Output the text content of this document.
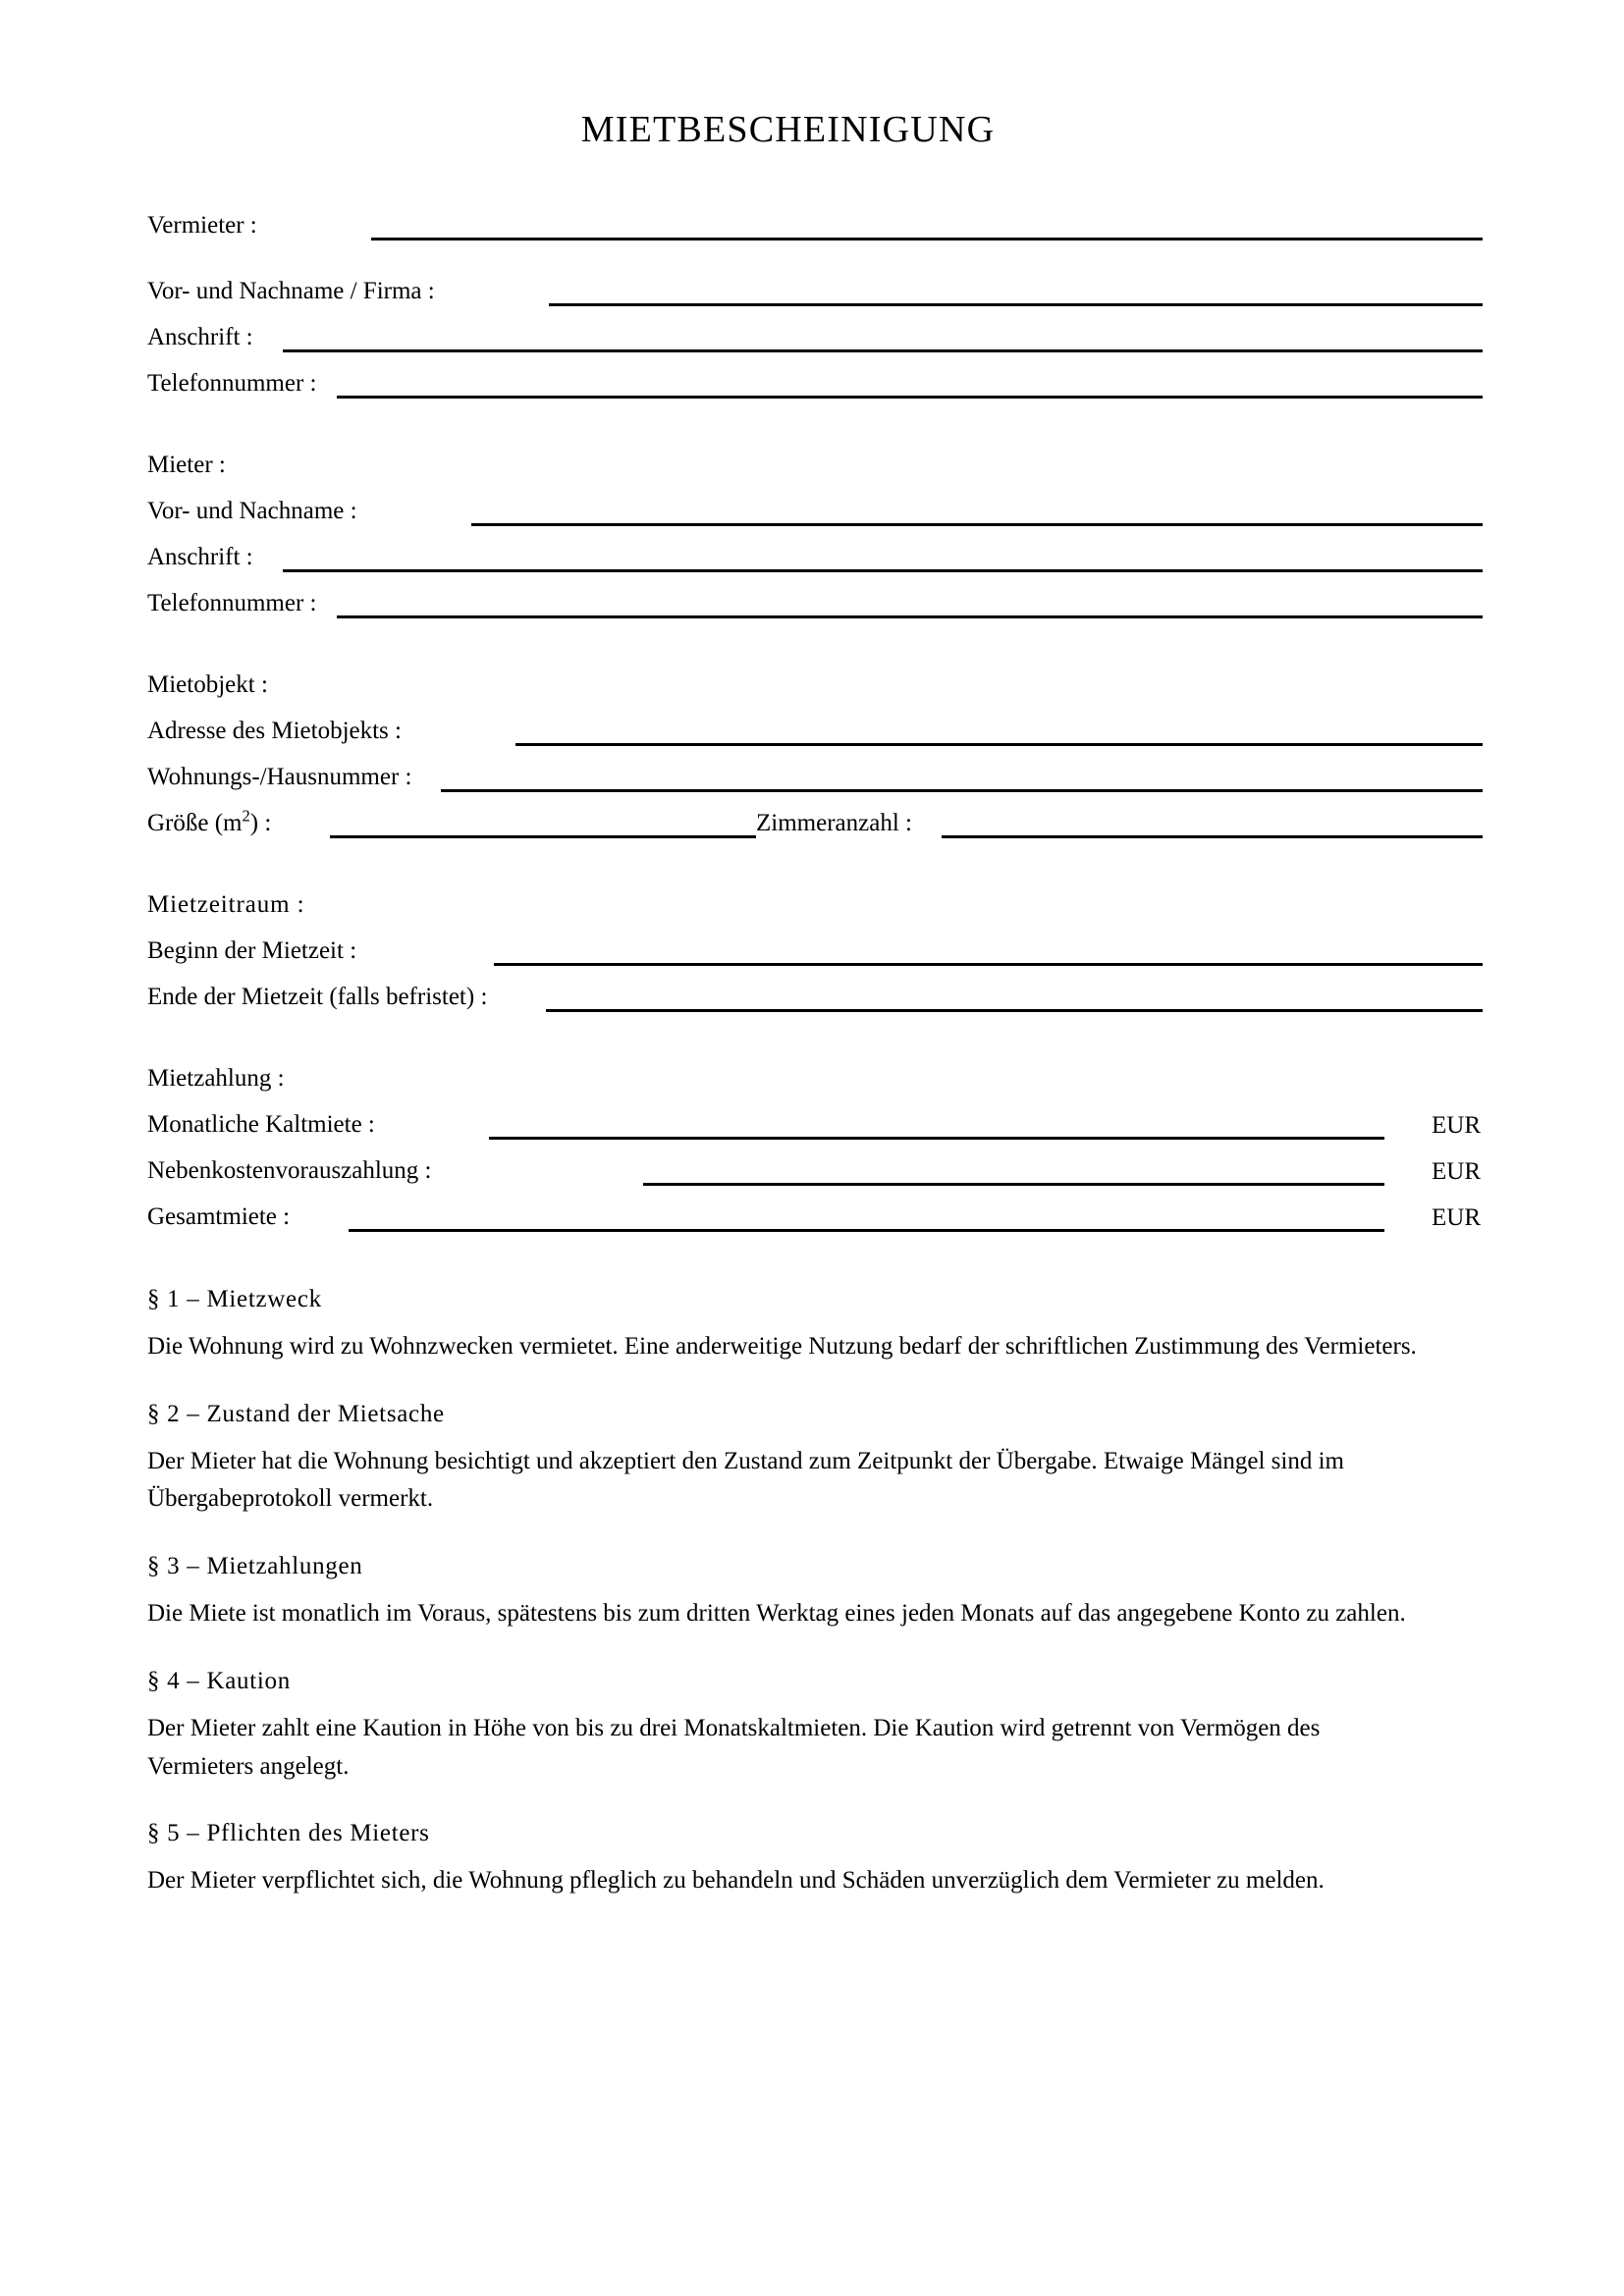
MIETBESCHEINIGUNG
Vermieter :
Vor- und Nachname / Firma :
Anschrift :
Telefonnummer :
Mieter :
Vor- und Nachname :
Anschrift :
Telefonnummer :
Mietobjekt :
Adresse des Mietobjekts :
Wohnungs-/Hausnummer :
Größe $(m^2)$ :	Zimmeranzahl :
Mietzeitraum :
Beginn der Mietzeit :
Ende der Mietzeit (falls befristet) :
Mietzahlung :
Monatliche Kaltmiete :	EUR
Nebenkostenvorauszahlung :	EUR
Gesamtmiete :	EUR

§ 1 – Mietzweck

Die Wohnung wird zu Wohnzwecken vermietet. Eine anderweitige Nutzung bedarf der schriftlichen Zustimmung des Vermieters.

§ 2 – Zustand der Mietsache

Der Mieter hat die Wohnung besichtigt und akzeptiert den Zustand zum Zeitpunkt der Übergabe. Etwaige Mängel sind im Übergabeprotokoll vermerkt.

§ 3 – Mietzahlungen

Die Miete ist monatlich im Voraus, spätestens bis zum dritten Werktag eines jeden Monats auf das angegebene Konto zu zahlen.

§ 4 – Kaution

Der Mieter zahlt eine Kaution in Höhe von bis zu drei Monatskaltmieten. Die Kaution wird getrennt von Vermögen des Vermieters angelegt.

§ 5 – Pflichten des Mieters

Der Mieter verpflichtet sich, die Wohnung pfleglich zu behandeln und Schäden unverzüglich dem Vermieter zu melden.
